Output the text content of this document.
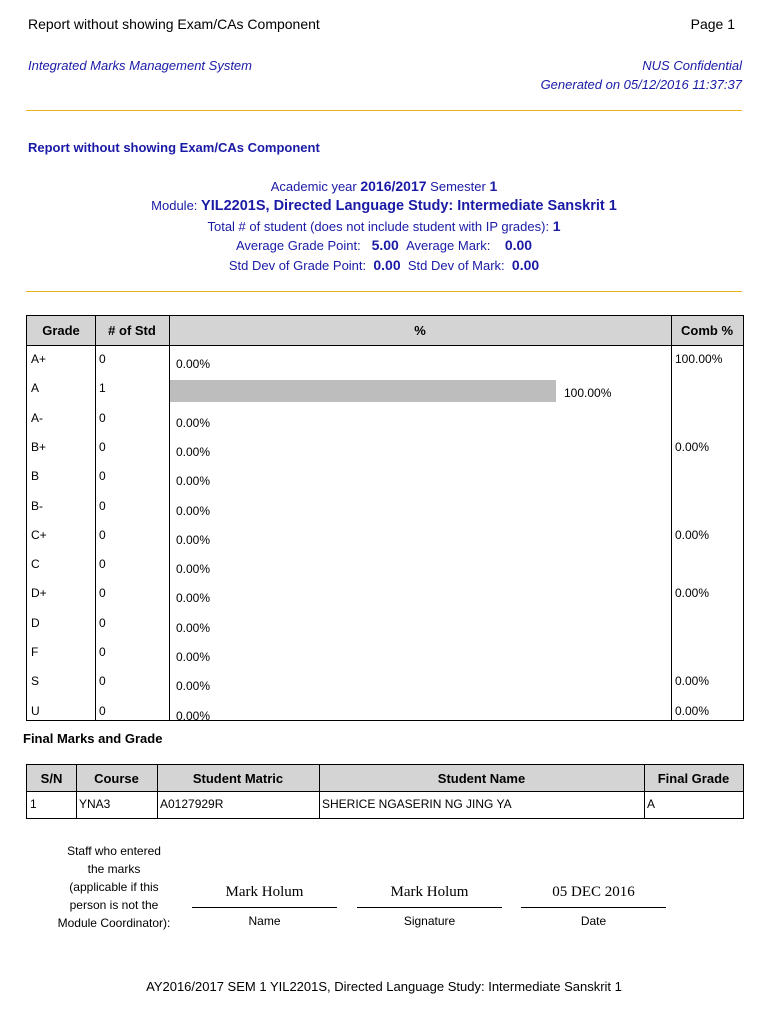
Report without showing Exam/CAs Component	Page 1
Integrated Marks Management System	NUS Confidential
Generated on 05/12/2016 11:37:37
Report without showing Exam/CAs Component
Academic year 2016/2017 Semester 1
Module: YIL2201S, Directed Language Study: Intermediate Sanskrit 1
Total # of student (does not include student with IP grades): 1
Average Grade Point: 5.00 Average Mark: 0.00
Std Dev of Grade Point: 0.00 Std Dev of Mark: 0.00
Grade	# of Std	%	Comb %
A+	0	0.00%	100.00%
A	1	100.00%
A-	0	0.00%
B+	0	0.00%	0.00%
B	0	0.00%
B-	0	0.00%
C+	0	0.00%	0.00%
C	0	0.00%
D+	0	0.00%	0.00%
D	0	0.00%
F	0	0.00%
S	0	0.00%	0.00%
U	0	0.00%	0.00%
Final Marks and Grade
S/N	Course	Student Matric	Student Name	Final Grade
1	YNA3	A0127929R	SHERICE NGASERIN NG JING YA	A
Staff who entered
the marks
(applicable if this
person is not the
Module Coordinator):
Mark Holum
Name
Mark Holum
Signature
05 DEC 2016
Date
AY2016/2017 SEM 1 YIL2201S, Directed Language Study: Intermediate Sanskrit 1
